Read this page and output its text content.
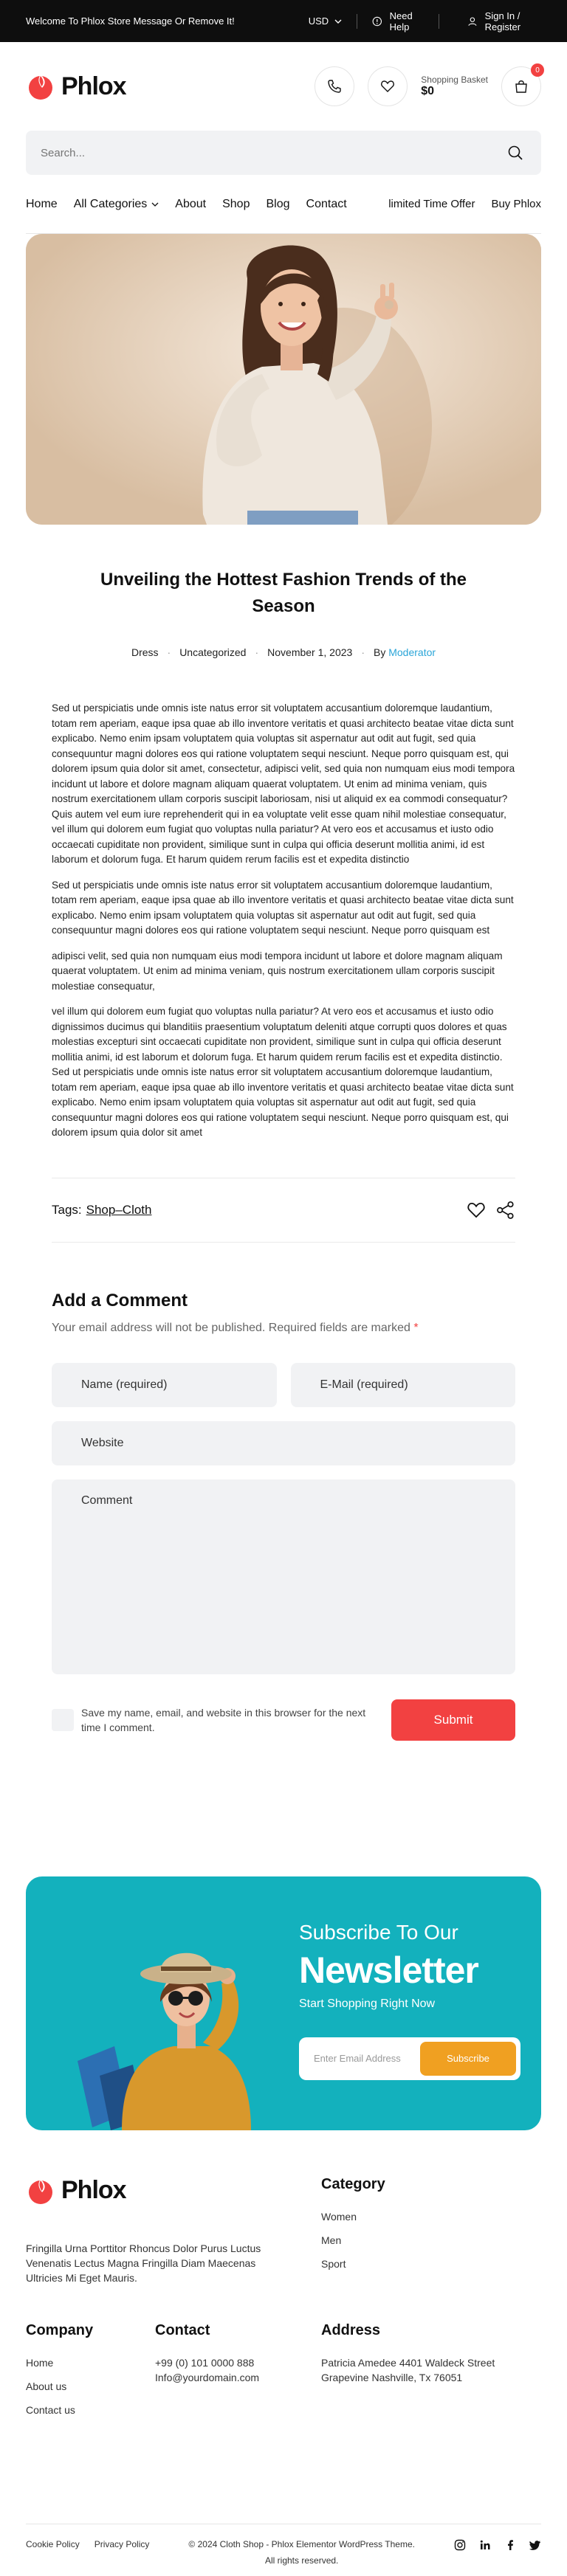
Welcome To Phlox Store Message Or Remove It!	USD	Need Help
Sign In / Register
Phlox	Shopping Basket
$0
0
Search...
Home All Categories About Shop Blog Contact	limited Time Offer Buy Phlox
Unveiling the Hottest Fashion Trends of the Season
Dress · Uncategorized · November 1, 2023 · By Moderator

Sed ut perspiciatis unde omnis iste natus error sit voluptatem accusantium doloremque laudantium, totam rem aperiam, eaque ipsa quae ab illo inventore veritatis et quasi architecto beatae vitae dicta sunt explicabo. Nemo enim ipsam voluptatem quia voluptas sit aspernatur aut odit aut fugit, sed quia consequuntur magni dolores eos qui ratione voluptatem sequi nesciunt. Neque porro quisquam est, qui dolorem ipsum quia dolor sit amet, consectetur, adipisci velit, sed quia non numquam eius modi tempora incidunt ut labore et dolore magnam aliquam quaerat voluptatem. Ut enim ad minima veniam, quis nostrum exercitationem ullam corporis suscipit laboriosam, nisi ut aliquid ex ea commodi consequatur? Quis autem vel eum iure reprehenderit qui in ea voluptate velit esse quam nihil molestiae consequatur, vel illum qui dolorem eum fugiat quo voluptas nulla pariatur? At vero eos et accusamus et iusto odio occaecati cupiditate non provident, similique sunt in culpa qui officia deserunt mollitia animi, id est laborum et dolorum fuga. Et harum quidem rerum facilis est et expedita distinctio

Sed ut perspiciatis unde omnis iste natus error sit voluptatem accusantium doloremque laudantium, totam rem aperiam, eaque ipsa quae ab illo inventore veritatis et quasi architecto beatae vitae dicta sunt explicabo. Nemo enim ipsam voluptatem quia voluptas sit aspernatur aut odit aut fugit, sed quia consequuntur magni dolores eos qui ratione voluptatem sequi nesciunt. Neque porro quisquam est

adipisci velit, sed quia non numquam eius modi tempora incidunt ut labore et dolore magnam aliquam quaerat voluptatem. Ut enim ad minima veniam, quis nostrum exercitationem ullam corporis suscipit molestiae consequatur,

vel illum qui dolorem eum fugiat quo voluptas nulla pariatur? At vero eos et accusamus et iusto odio dignissimos ducimus qui blanditiis praesentium voluptatum deleniti atque corrupti quos dolores et quas molestias excepturi sint occaecati cupiditate non provident, similique sunt in culpa qui officia deserunt mollitia animi, id est laborum et dolorum fuga. Et harum quidem rerum facilis est et expedita distinctio. Sed ut perspiciatis unde omnis iste natus error sit voluptatem accusantium doloremque laudantium, totam rem aperiam, eaque ipsa quae ab illo inventore veritatis et quasi architecto beatae vitae dicta sunt explicabo. Nemo enim ipsam voluptatem quia voluptas sit aspernatur aut odit aut fugit, sed quia consequuntur magni dolores eos qui ratione voluptatem sequi nesciunt. Neque porro quisquam est, qui dolorem ipsum quia dolor sit amet

Tags: Shop–Cloth
Add a Comment

Your email address will not be published. Required fields are marked *

Name (required)	E-Mail (required)
Website
Comment
Save my name, email, and website in this browser for the next time I comment.
Submit
Subscribe To Our
Newsletter
Start Shopping Right Now
Enter Email Address	Subscribe
Phlox

Fringilla Urna Porttitor Rhoncus Dolor Purus Luctus Venenatis Lectus Magna Fringilla Diam Maecenas Ultricies Mi Eget Mauris.

Category
Women
Men
Sport
Company
Home
About us
Contact us
Contact
+99 (0) 101 0000 888
Info@yourdomain.com
Address
Patricia Amedee 4401 Waldeck Street
Grapevine Nashville, Tx 76051
Cookie Policy Privacy Policy	© 2024 Cloth Shop - Phlox Elementor WordPress Theme.
All rights reserved.
